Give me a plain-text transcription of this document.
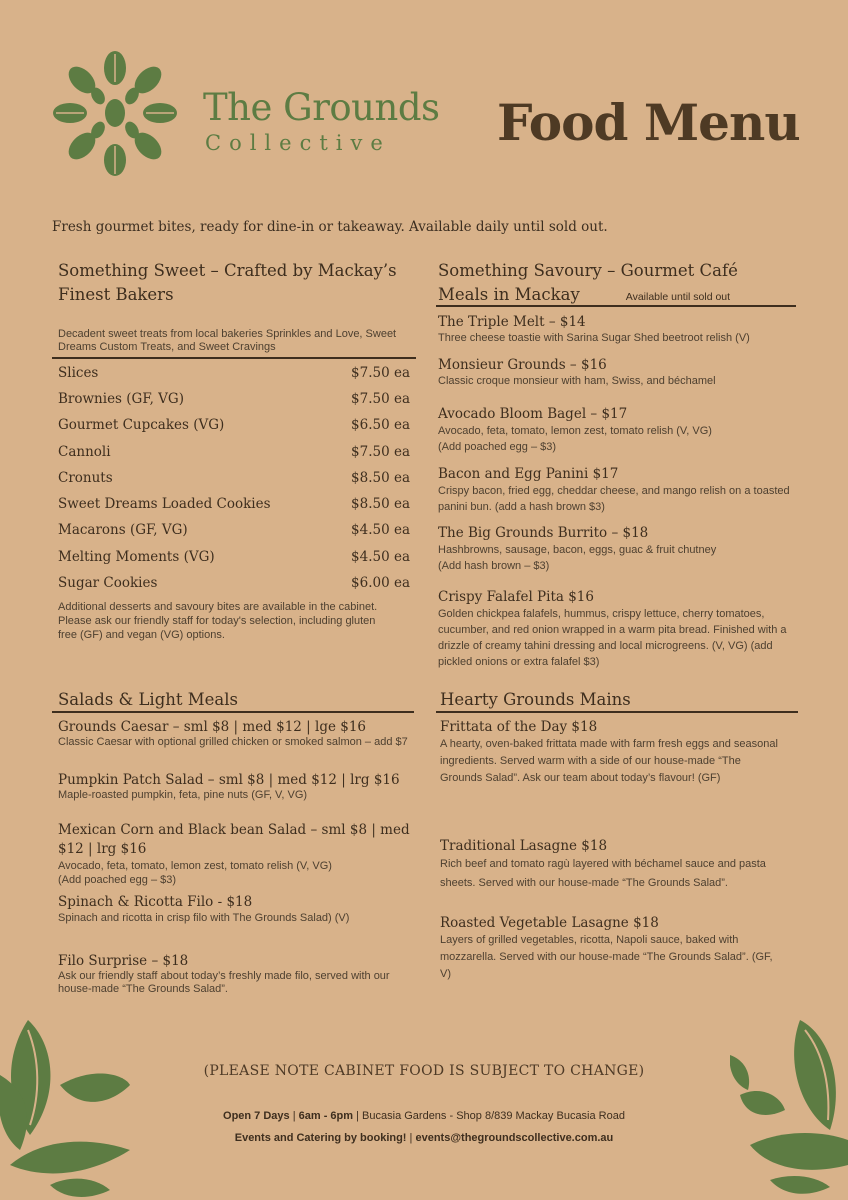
The Grounds
Collective Food Menu
Fresh gourmet bites, ready for dine-in or takeaway. Available daily until sold out.
Something Sweet – Crafted by Mackay’s
Finest Bakers
Decadent sweet treats from local bakeries Sprinkles and Love, Sweet Dreams Custom Treats, and Sweet Cravings
Slices	$7.50 ea
Brownies (GF, VG)	$7.50 ea
Gourmet Cupcakes (VG)	$6.50 ea
Cannoli	$7.50 ea
Cronuts	$8.50 ea
Sweet Dreams Loaded Cookies	$8.50 ea
Macarons (GF, VG)	$4.50 ea
Melting Moments (VG)	$4.50 ea
Sugar Cookies	$6.00 ea
Additional desserts and savoury bites are available in the cabinet. Please ask our friendly staff for today's selection, including gluten free (GF) and vegan (VG) options.
Something Savoury – Gourmet Café
Meals in Mackay	Available until sold out
The Triple Melt – $14
Three cheese toastie with Sarina Sugar Shed beetroot relish (V)
Monsieur Grounds – $16
Classic croque monsieur with ham, Swiss, and béchamel
Avocado Bloom Bagel – $17
Avocado, feta, tomato, lemon zest, tomato relish (V, VG)
(Add poached egg – $3)
Bacon and Egg Panini $17
Crispy bacon, fried egg, cheddar cheese, and mango relish on a toasted panini bun. (add a hash brown $3)
The Big Grounds Burrito – $18
Hashbrowns, sausage, bacon, eggs, guac & fruit chutney
(Add hash brown – $3)
Crispy Falafel Pita $16
Golden chickpea falafels, hummus, crispy lettuce, cherry tomatoes, cucumber, and red onion wrapped in a warm pita bread. Finished with a drizzle of creamy tahini dressing and local microgreens. (V, VG) (add pickled onions or extra falafel $3)
Salads & Light Meals
Grounds Caesar – sml $8 | med $12 | lge $16
Classic Caesar with optional grilled chicken or smoked salmon – add $7
Pumpkin Patch Salad – sml $8 | med $12 | lrg $16
Maple-roasted pumpkin, feta, pine nuts (GF, V, VG)
Mexican Corn and Black bean Salad – sml $8 | med $12 | lrg $16
Avocado, feta, tomato, lemon zest, tomato relish (V, VG)
(Add poached egg – $3)
Spinach & Ricotta Filo - $18
Spinach and ricotta in crisp filo with The Grounds Salad) (V)
Filo Surprise – $18
Ask our friendly staff about today’s freshly made filo, served with our house-made “The Grounds Salad”.
Hearty Grounds Mains
Frittata of the Day $18
A hearty, oven-baked frittata made with farm fresh eggs and seasonal ingredients. Served warm with a side of our house-made “The Grounds Salad”. Ask our team about today’s flavour! (GF)
Traditional Lasagne $18
Rich beef and tomato ragù layered with béchamel sauce and pasta sheets. Served with our house-made “The Grounds Salad”.
Roasted Vegetable Lasagne $18
Layers of grilled vegetables, ricotta, Napoli sauce, baked with mozzarella. Served with our house-made “The Grounds Salad”. (GF, V)
(PLEASE NOTE CABINET FOOD IS SUBJECT TO CHANGE)
Open 7 Days | 6am - 6pm | Bucasia Gardens - Shop 8/839 Mackay Bucasia Road
Events and Catering by booking! | events@thegroundscollective.com.au
